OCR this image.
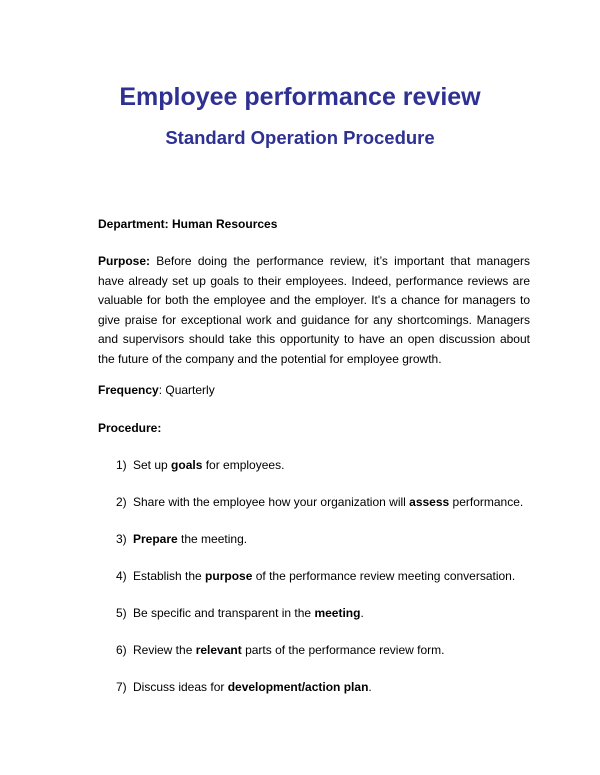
Employee performance review
Standard Operation Procedure
Department: Human Resources

Purpose: Before doing the performance review, it’s important that managers have already set up goals to their employees. Indeed, performance reviews are valuable for both the employee and the employer. It's a chance for managers to give praise for exceptional work and guidance for any shortcomings. Managers and supervisors should take this opportunity to have an open discussion about the future of the company and the potential for employee growth.

Frequency: Quarterly
Procedure:
1) Set up goals for employees.
2) Share with the employee how your organization will assess performance.
3) Prepare the meeting.
4) Establish the purpose of the performance review meeting conversation.
5) Be specific and transparent in the meeting.
6) Review the relevant parts of the performance review form.
7) Discuss ideas for development/action plan.
